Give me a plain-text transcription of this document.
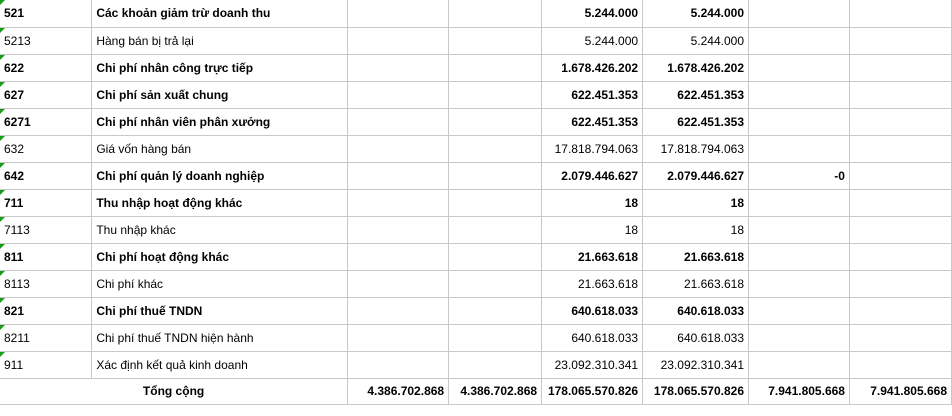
521	Các khoản giảm trừ doanh thu			5.244.000	5.244.000		

5213	Hàng bán bị trả lại			5.244.000	5.244.000		

622	Chi phí nhân công trực tiếp			1.678.426.202	1.678.426.202		

627	Chi phí sản xuất chung			622.451.353	622.451.353		

6271	Chi phí nhân viên phân xưởng			622.451.353	622.451.353		

632	Giá vốn hàng bán			17.818.794.063	17.818.794.063		

642	Chi phí quản lý doanh nghiệp			2.079.446.627	2.079.446.627	-0	

711	Thu nhập hoạt động khác			18	18		

7113	Thu nhập khác			18	18		

811	Chi phí hoạt động khác			21.663.618	21.663.618		

8113	Chi phí khác			21.663.618	21.663.618		

821	Chi phí thuế TNDN			640.618.033	640.618.033		

8211	Chi phí thuế TNDN hiện hành			640.618.033	640.618.033		

911	Xác định kết quả kinh doanh			23.092.310.341	23.092.310.341		
Tổng cộng		4.386.702.868	4.386.702.868	178.065.570.826	178.065.570.826	7.941.805.668	7.941.805.668
